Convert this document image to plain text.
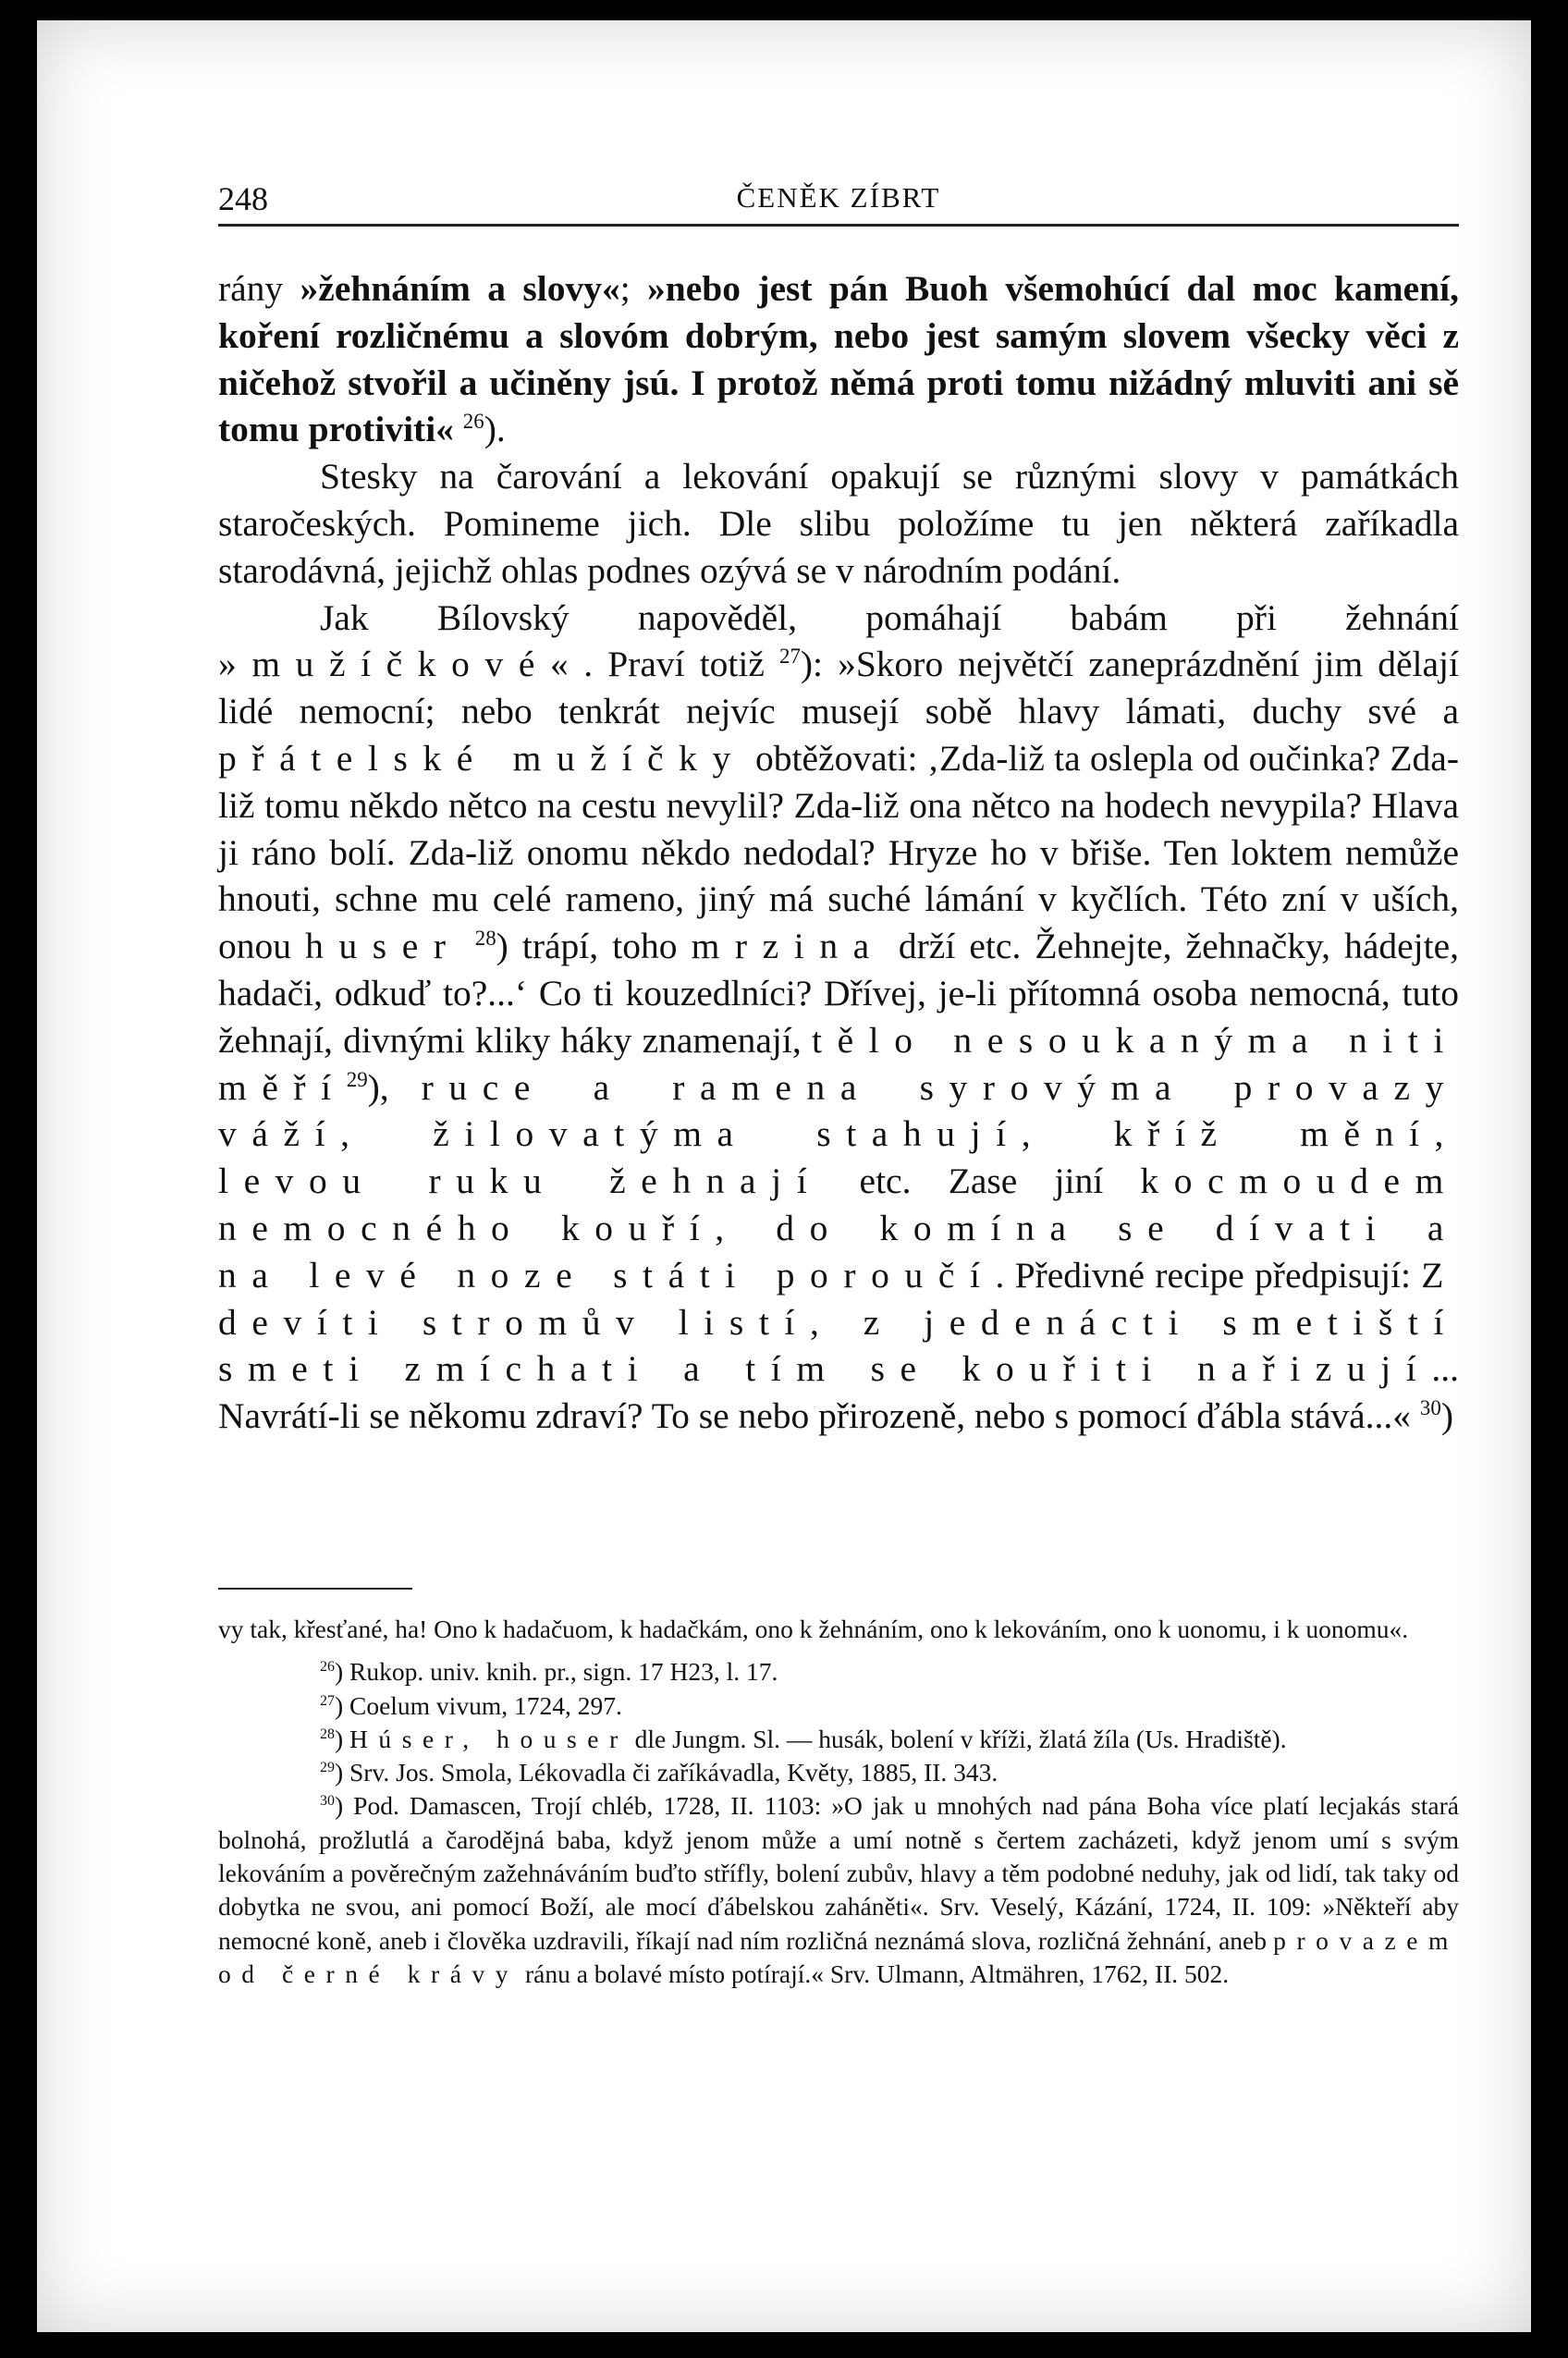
248	ČENĚK ZÍBRT

rány »žehnáním a slovy«; »nebo jest pán Buoh všemohúcí dal moc kamení, koření rozličnému a slovóm dobrým, nebo jest samým slovem všecky věci z ničehož stvořil a učiněny jsú. I protož němá proti tomu nižádný mluviti ani sě tomu protiviti« $^{26}$).

Stesky na čarování a lekování opakují se různými slovy v památkách staročeských. Pomineme jich. Dle slibu položíme tu jen některá zaříkadla starodávná, jejichž ohlas podnes ozývá se v národním podání.

Jak Bílovský napověděl, pomáhají babám při žehnání »mužíčkové«. Praví totiž $^{27}$): »Skoro největčí zaneprázdnění jim dělají lidé nemocní; nebo tenkrát nejvíc musejí sobě hlavy lámati, duchy své a přátelské mužíčky obtěžovati: ‚Zda-liž ta oslepla od oučinka? Zda-liž tomu někdo nětco na cestu nevylil? Zda-liž ona nětco na hodech nevypila? Hlava ji ráno bolí. Zda-liž onomu někdo nedodal? Hryze ho v břiše. Ten loktem nemůže hnouti, schne mu celé rameno, jiný má suché lámání v kyčlích. Této zní v uších, onou huser $^{28}$) trápí, toho mrzina drží etc. Žehnejte, žehnačky, hádejte, hadači, odkuď to?...‘ Co ti kouzedlníci? Dřívej, je-li přítomná osoba nemocná, tuto žehnají, divnými kliky háky znamenají, tělo nesoukanýma niti měří$^{29}$), ruce a ramena syrovýma provazy váží, žilovatýma stahují, kříž mění, levou ruku žehnají etc. Zase jiní kocmoudem nemocného kouří, do komína se dívati a na levé noze státi poroučí. Předivné recipe předpisují: Z devíti stromův listí, z jedenácti smetiští smeti zmíchati a tím se kouřiti nařizují... Navrátí-li se někomu zdraví? To se nebo přirozeně, nebo s pomocí ďábla stává...« $^{30}$)

vy tak, křesťané, ha! Ono k hadačuom, k hadačkám, ono k žehnáním, ono k lekováním, ono k uonomu, i k uonomu«.

$^{26}$) Rukop. univ. knih. pr., sign. 17 H23, l. 17.

$^{27}$) Coelum vivum, 1724, 297.

$^{28}$) Húser, houser dle Jungm. Sl. — husák, bolení v kříži, žlatá žíla (Us. Hradiště).

$^{29}$) Srv. Jos. Smola, Lékovadla či zaříkávadla, Květy, 1885, II. 343.

$^{30}$) Pod. Damascen, Trojí chléb, 1728, II. 1103: »O jak u mnohých nad pána Boha více platí lecjakás stará bolnohá, prožlutlá a čarodějná baba, když jenom může a umí notně s čertem zacházeti, když jenom umí s svým lekováním a pověrečným zažehnáváním buďto střífly, bolení zubův, hlavy a těm podobné neduhy, jak od lidí, tak taky od dobytka ne svou, ani pomocí Boží, ale mocí ďábelskou zaháněti«. Srv. Veselý, Kázání, 1724, II. 109: »Někteří aby nemocné koně, aneb i člověka uzdravili, říkají nad ním rozličná neznámá slova, rozličná žehnání, aneb provazem od černé krávy ránu a bolavé místo potírají.« Srv. Ulmann, Altmähren, 1762, II. 502.
